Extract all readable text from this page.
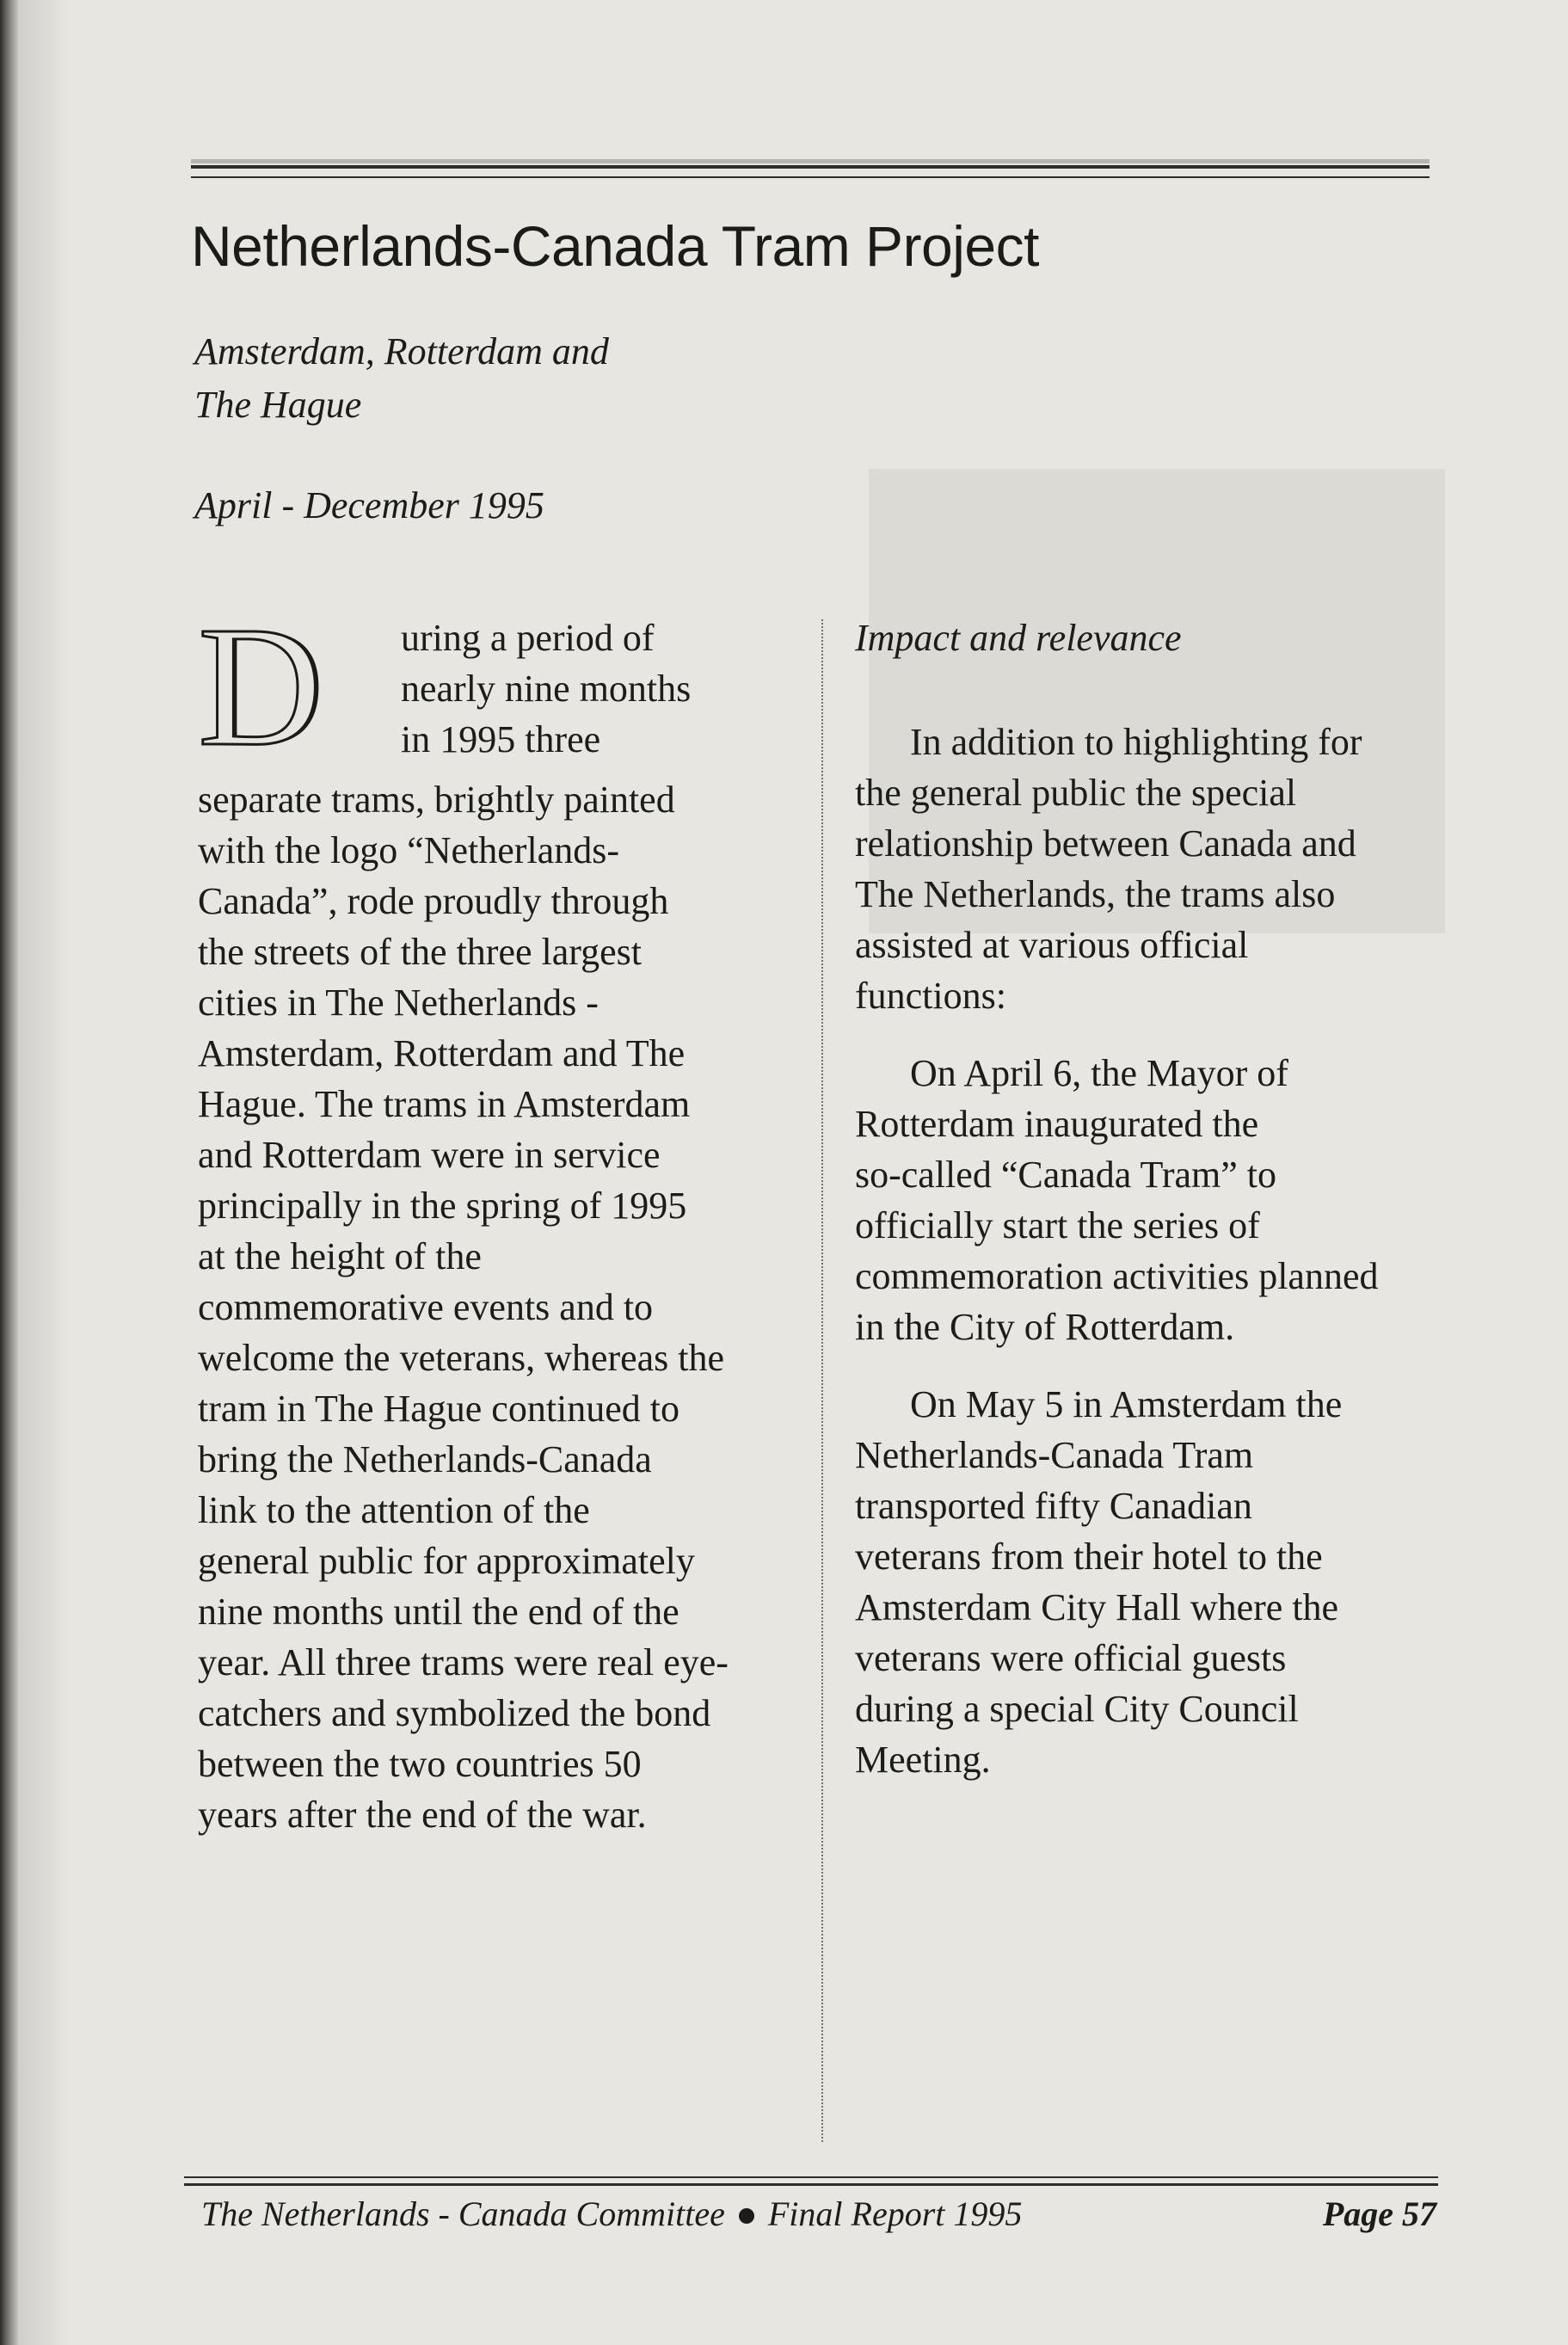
Netherlands-Canada Tram Project

Amsterdam, Rotterdam and
The Hague

April - December 1995

D uring a period of
nearly nine months
in 1995 three

separate trams, brightly painted
with the logo “Netherlands-
Canada”, rode proudly through
the streets of the three largest
cities in The Netherlands -
Amsterdam, Rotterdam and The
Hague. The trams in Amsterdam
and Rotterdam were in service
principally in the spring of 1995
at the height of the
commemorative events and to
welcome the veterans, whereas the
tram in The Hague continued to
bring the Netherlands-Canada
link to the attention of the
general public for approximately
nine months until the end of the
year. All three trams were real eye-
catchers and symbolized the bond
between the two countries 50
years after the end of the war.

Impact and relevance

In addition to highlighting for
the general public the special
relationship between Canada and
The Netherlands, the trams also
assisted at various official
functions:

On April 6, the Mayor of
Rotterdam inaugurated the
so-called “Canada Tram” to
officially start the series of
commemoration activities planned
in the City of Rotterdam.

On May 5 in Amsterdam the
Netherlands-Canada Tram
transported fifty Canadian
veterans from their hotel to the
Amsterdam City Hall where the
veterans were official guests
during a special City Council
Meeting.

The Netherlands - Canada Committee Final Report 1995	Page 57
